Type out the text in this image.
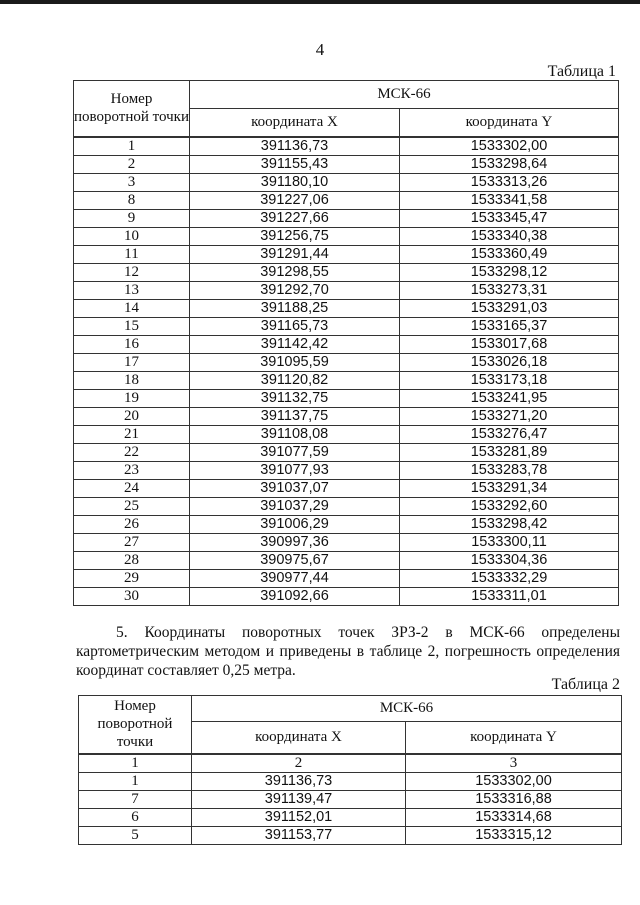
4
Таблица 1
Номер поворотной точки	МСК-66	
	координата X	координата Y
1	391136,73	1533302,00
2	391155,43	1533298,64
3	391180,10	1533313,26
8	391227,06	1533341,58
9	391227,66	1533345,47
10	391256,75	1533340,38
11	391291,44	1533360,49
12	391298,55	1533298,12
13	391292,70	1533273,31
14	391188,25	1533291,03
15	391165,73	1533165,37
16	391142,42	1533017,68
17	391095,59	1533026,18
18	391120,82	1533173,18
19	391132,75	1533241,95
20	391137,75	1533271,20
21	391108,08	1533276,47
22	391077,59	1533281,89
23	391077,93	1533283,78
24	391037,07	1533291,34
25	391037,29	1533292,60
26	391006,29	1533298,42
27	390997,36	1533300,11
28	390975,67	1533304,36
29	390977,44	1533332,29
30	391092,66	1533311,01
5. Координаты поворотных точек ЗРЗ-2 в МСК-66 определены картометрическим методом и приведены в таблице 2, погрешность определения координат составляет 0,25 метра.
Таблица 2
Номер поворотной точки	МСК-66	
	координата X	координата Y
1	2	3
1	391136,73	1533302,00
7	391139,47	1533316,88
6	391152,01	1533314,68
5	391153,77	1533315,12
